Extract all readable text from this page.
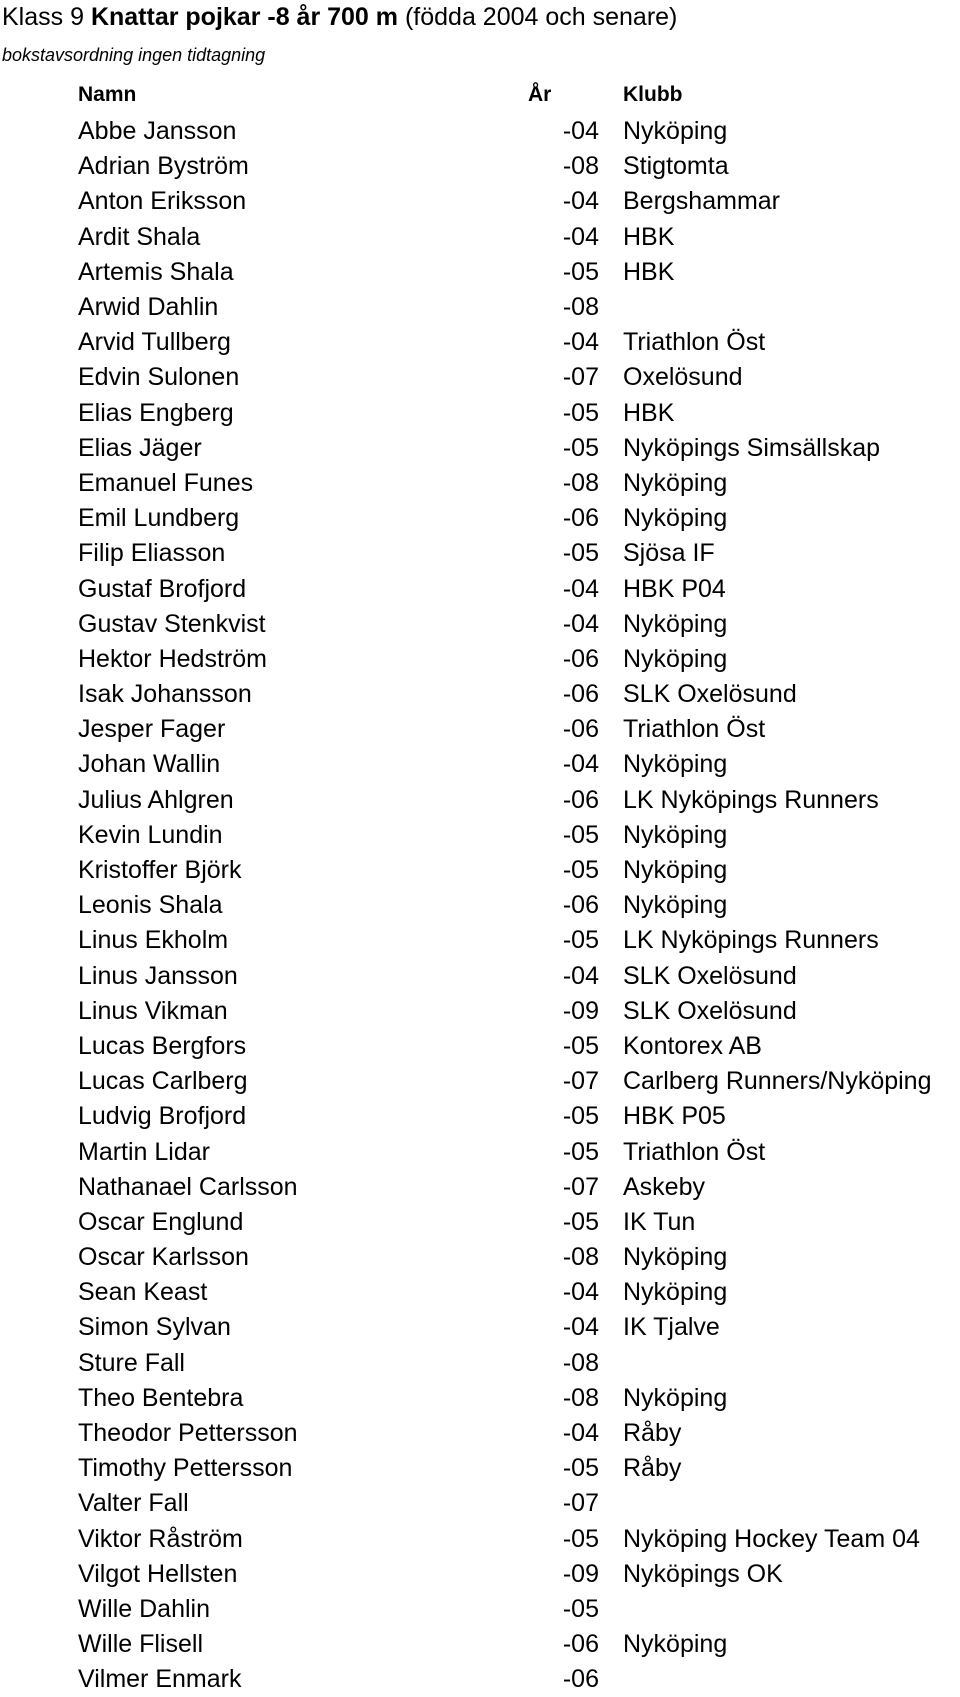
Klass 9 Knattar pojkar -8 år 700 m (födda 2004 och senare)
bokstavsordning ingen tidtagning
Namn	År	Klubb
Abbe Jansson	-04	Nyköping
Adrian Byström	-08	Stigtomta
Anton Eriksson	-04	Bergshammar
Ardit Shala	-04	HBK
Artemis Shala	-05	HBK
Arwid Dahlin	-08	
Arvid Tullberg	-04	Triathlon Öst
Edvin Sulonen	-07	Oxelösund
Elias Engberg	-05	HBK
Elias Jäger	-05	Nyköpings Simsällskap
Emanuel Funes	-08	Nyköping
Emil Lundberg	-06	Nyköping
Filip Eliasson	-05	Sjösa IF
Gustaf Brofjord	-04	HBK P04
Gustav Stenkvist	-04	Nyköping
Hektor Hedström	-06	Nyköping
Isak Johansson	-06	SLK Oxelösund
Jesper Fager	-06	Triathlon Öst
Johan Wallin	-04	Nyköping
Julius Ahlgren	-06	LK Nyköpings Runners
Kevin Lundin	-05	Nyköping
Kristoffer Björk	-05	Nyköping
Leonis Shala	-06	Nyköping
Linus Ekholm	-05	LK Nyköpings Runners
Linus Jansson	-04	SLK Oxelösund
Linus Vikman	-09	SLK Oxelösund
Lucas Bergfors	-05	Kontorex AB
Lucas Carlberg	-07	Carlberg Runners/Nyköping
Ludvig Brofjord	-05	HBK P05
Martin Lidar	-05	Triathlon Öst
Nathanael Carlsson	-07	Askeby
Oscar Englund	-05	IK Tun
Oscar Karlsson	-08	Nyköping
Sean Keast	-04	Nyköping
Simon Sylvan	-04	IK Tjalve
Sture Fall	-08	
Theo Bentebra	-08	Nyköping
Theodor Pettersson	-04	Råby
Timothy Pettersson	-05	Råby
Valter Fall	-07	
Viktor Råström	-05	Nyköping Hockey Team 04
Vilgot Hellsten	-09	Nyköpings OK
Wille Dahlin	-05	
Wille Flisell	-06	Nyköping
Vilmer Enmark	-06	
